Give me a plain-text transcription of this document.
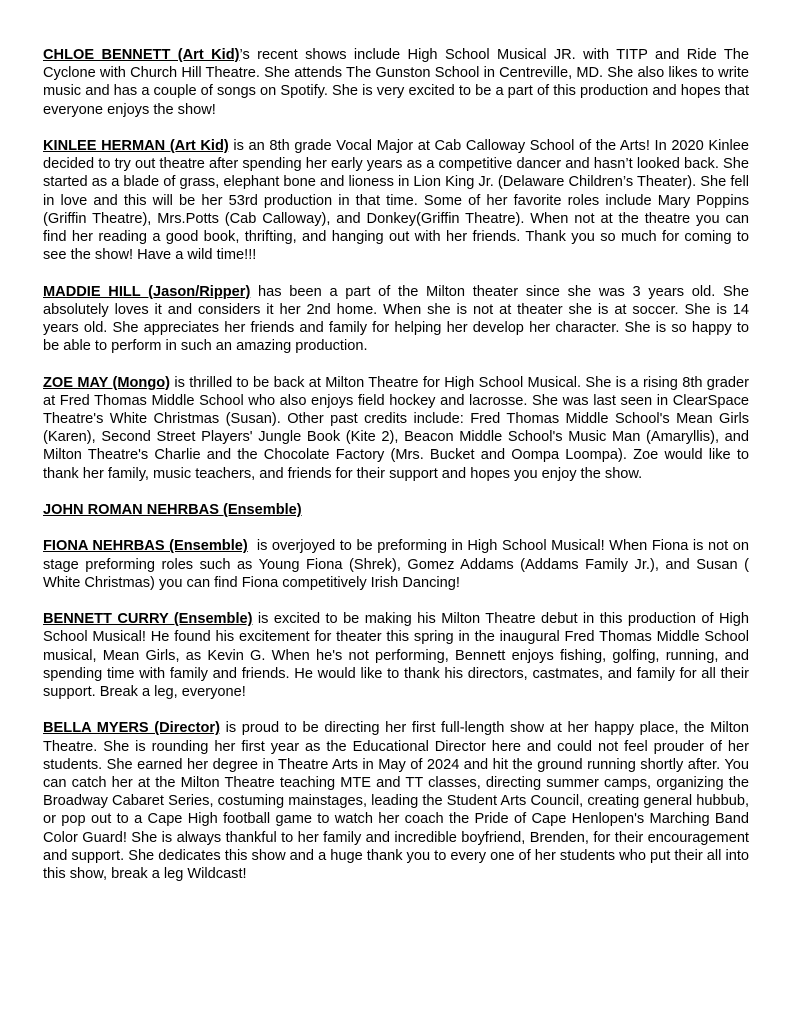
CHLOE BENNETT (Art Kid)’s recent shows include High School Musical JR. with TITP and Ride The Cyclone with Church Hill Theatre. She attends The Gunston School in Centreville, MD. She also likes to write music and has a couple of songs on Spotify. She is very excited to be a part of this production and hopes that everyone enjoys the show!

KINLEE HERMAN (Art Kid) is an 8th grade Vocal Major at Cab Calloway School of the Arts! In 2020 Kinlee decided to try out theatre after spending her early years as a competitive dancer and hasn’t looked back. She started as a blade of grass, elephant bone and lioness in Lion King Jr. (Delaware Children’s Theater). She fell in love and this will be her 53rd production in that time. Some of her favorite roles include Mary Poppins (Griffin Theatre), Mrs.Potts (Cab Calloway), and Donkey(Griffin Theatre). When not at the theatre you can find her reading a good book, thrifting, and hanging out with her friends. Thank you so much for coming to see the show! Have a wild time!!!

MADDIE HILL (Jason/Ripper) has been a part of the Milton theater since she was 3 years old. She absolutely loves it and considers it her 2nd home. When she is not at theater she is at soccer. She is 14 years old. She appreciates her friends and family for helping her develop her character. She is so happy to be able to perform in such an amazing production.

ZOE MAY (Mongo) is thrilled to be back at Milton Theatre for High School Musical. She is a rising 8th grader at Fred Thomas Middle School who also enjoys field hockey and lacrosse. She was last seen in ClearSpace Theatre's White Christmas (Susan). Other past credits include: Fred Thomas Middle School's Mean Girls (Karen), Second Street Players' Jungle Book (Kite 2), Beacon Middle School's Music Man (Amaryllis), and Milton Theatre's Charlie and the Chocolate Factory (Mrs. Bucket and Oompa Loompa). Zoe would like to thank her family, music teachers, and friends for their support and hopes you enjoy the show.

JOHN ROMAN NEHRBAS (Ensemble)

FIONA NEHRBAS (Ensemble)  is overjoyed to be preforming in High School Musical! When Fiona is not on stage preforming roles such as Young Fiona (Shrek), Gomez Addams (Addams Family Jr.), and Susan ( White Christmas) you can find Fiona competitively Irish Dancing!

BENNETT CURRY (Ensemble) is excited to be making his Milton Theatre debut in this production of High School Musical! He found his excitement for theater this spring in the inaugural Fred Thomas Middle School musical, Mean Girls, as Kevin G. When he's not performing, Bennett enjoys fishing, golfing, running, and spending time with family and friends. He would like to thank his directors, castmates, and family for all their support. Break a leg, everyone!

BELLA MYERS (Director) is proud to be directing her first full-length show at her happy place, the Milton Theatre. She is rounding her first year as the Educational Director here and could not feel prouder of her students. She earned her degree in Theatre Arts in May of 2024 and hit the ground running shortly after. You can catch her at the Milton Theatre teaching MTE and TT classes, directing summer camps, organizing the Broadway Cabaret Series, costuming mainstages, leading the Student Arts Council, creating general hubbub, or pop out to a Cape High football game to watch her coach the Pride of Cape Henlopen's Marching Band Color Guard! She is always thankful to her family and incredible boyfriend, Brenden, for their encouragement and support. She dedicates this show and a huge thank you to every one of her students who put their all into this show, break a leg Wildcast!
